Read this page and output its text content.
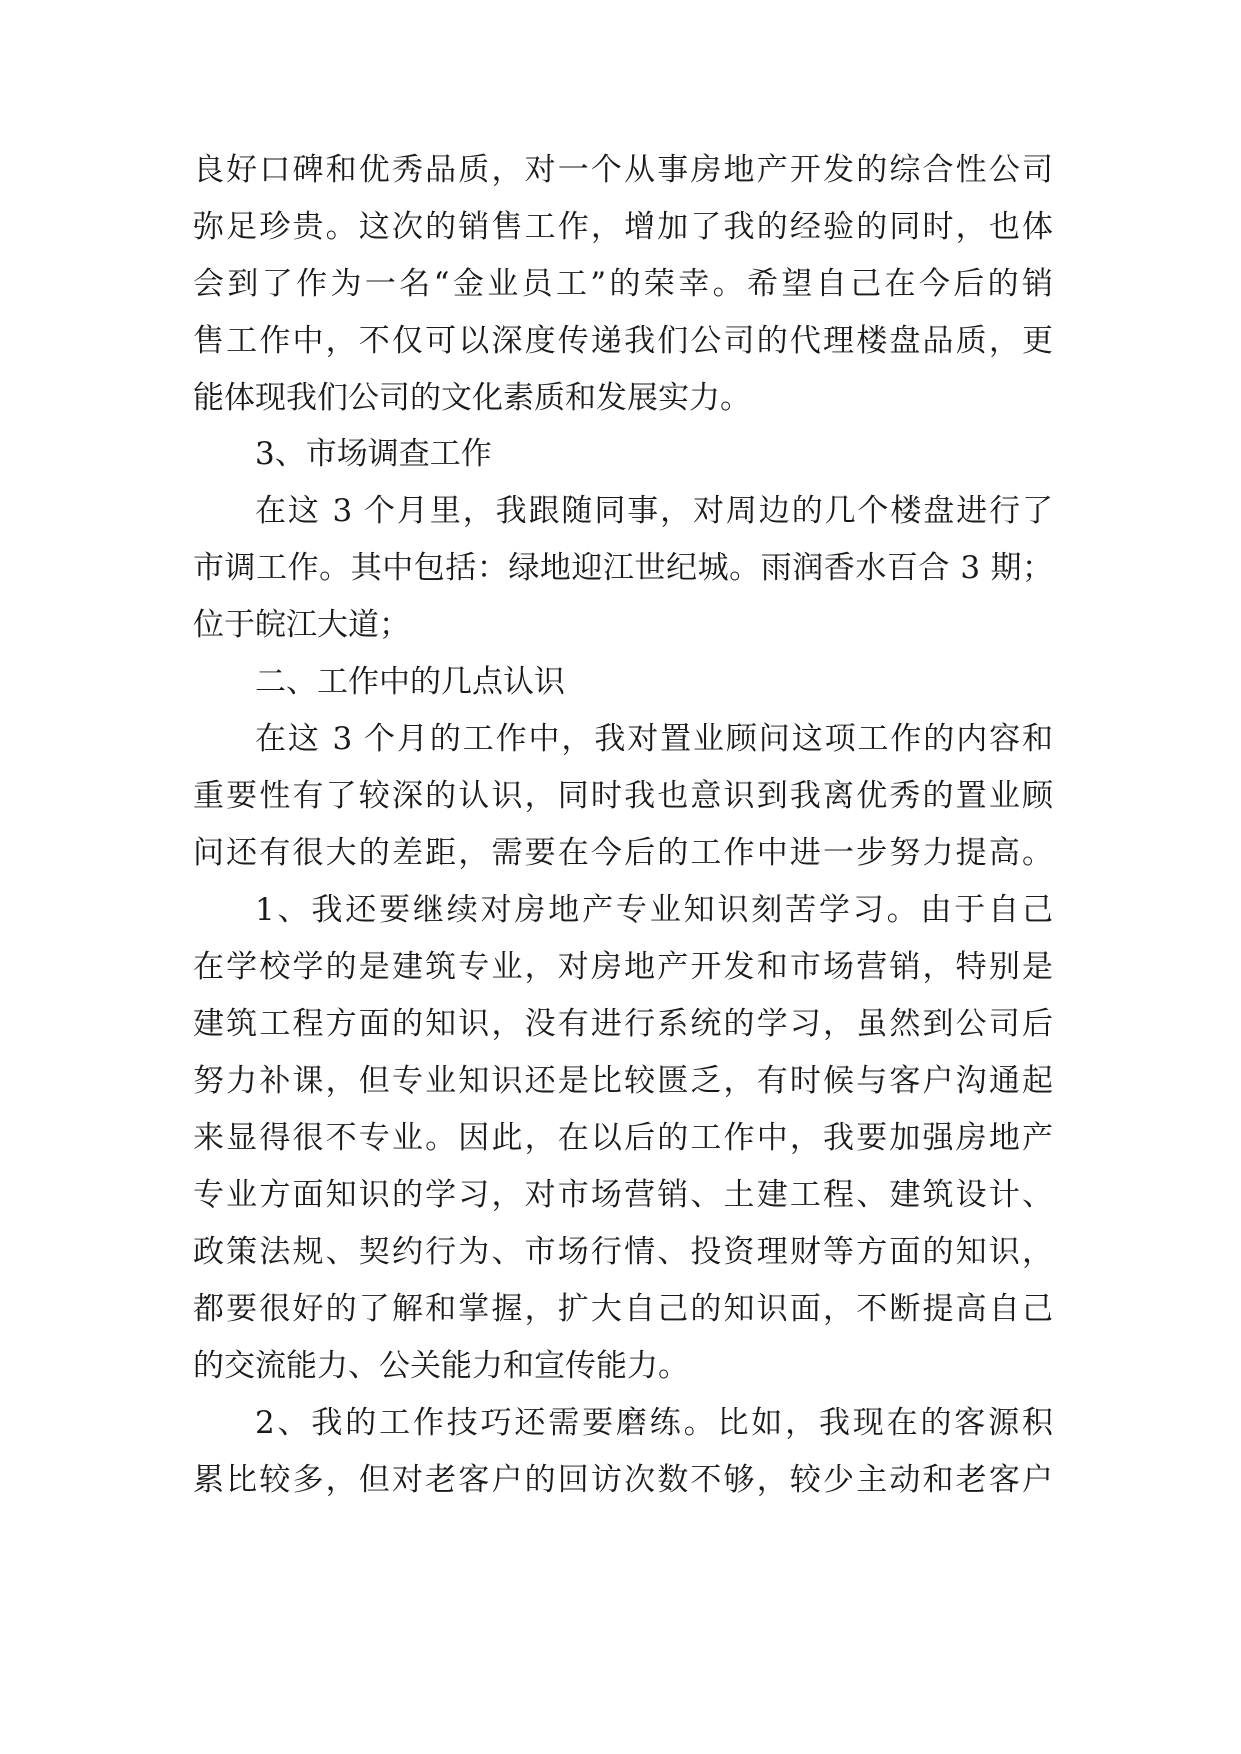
良好口碑和优秀品质，对一个从事房地产开发的综合性公司
弥足珍贵。这次的销售工作，增加了我的经验的同时，也体
会到了作为一名“金业员工”的荣幸。希望自己在今后的销
售工作中，不仅可以深度传递我们公司的代理楼盘品质，更
能体现我们公司的文化素质和发展实力。
3、市场调查工作
在这 3 个月里，我跟随同事，对周边的几个楼盘进行了
市调工作。其中包括：绿地迎江世纪城。雨润香水百合 3 期；
位于皖江大道；
二、工作中的几点认识
在这 3 个月的工作中，我对置业顾问这项工作的内容和
重要性有了较深的认识，同时我也意识到我离优秀的置业顾
问还有很大的差距，需要在今后的工作中进一步努力提高。
1、我还要继续对房地产专业知识刻苦学习。由于自己
在学校学的是建筑专业，对房地产开发和市场营销，特别是
建筑工程方面的知识，没有进行系统的学习，虽然到公司后
努力补课，但专业知识还是比较匮乏，有时候与客户沟通起
来显得很不专业。因此，在以后的工作中，我要加强房地产
专业方面知识的学习，对市场营销、土建工程、建筑设计、
政策法规、契约行为、市场行情、投资理财等方面的知识，
都要很好的了解和掌握，扩大自己的知识面，不断提高自己
的交流能力、公关能力和宣传能力。
2、我的工作技巧还需要磨练。比如，我现在的客源积
累比较多，但对老客户的回访次数不够，较少主动和老客户
